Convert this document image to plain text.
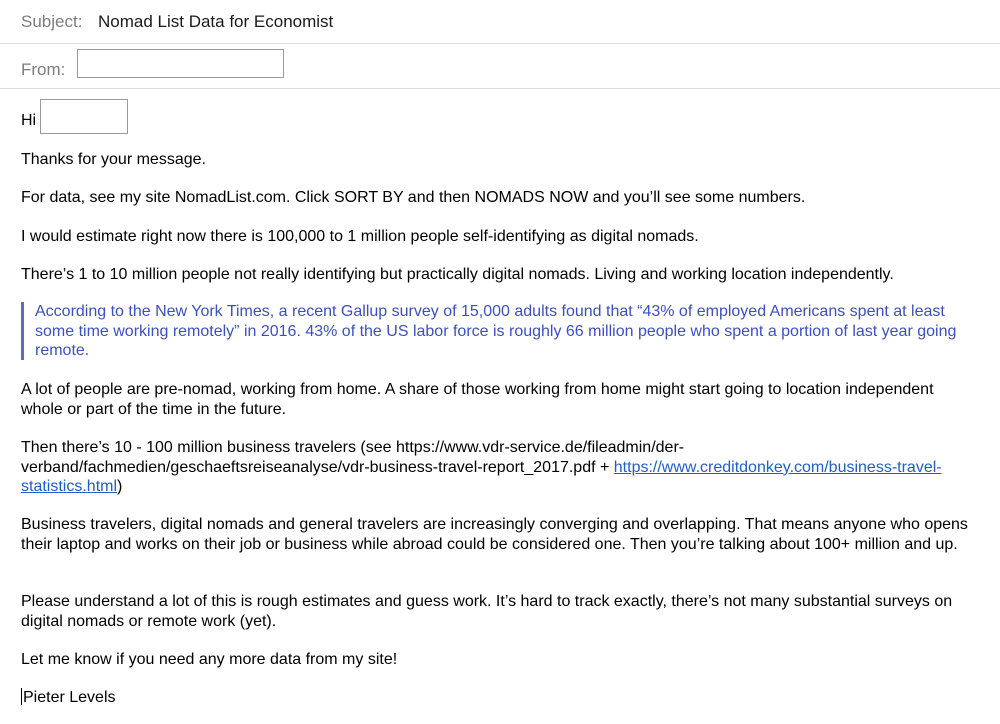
Subject: Nomad List Data for Economist
From:

Hi

Thanks for your message.

For data, see my site NomadList.com. Click SORT BY and then NOMADS NOW and you’ll see some numbers.

I would estimate right now there is 100,000 to 1 million people self-identifying as digital nomads.

There’s 1 to 10 million people not really identifying but practically digital nomads. Living and working location independently.

According to the New York Times, a recent Gallup survey of 15,000 adults found that “43% of employed Americans spent at least some time working remotely” in 2016. 43% of the US labor force is roughly 66 million people who spent a portion of last year going remote.

A lot of people are pre-nomad, working from home. A share of those working from home might start going to location independent whole or part of the time in the future.

Then there’s 10 - 100 million business travelers (see https://www.vdr-service.de/fileadmin/der-verband/fachmedien/geschaeftsreiseanalyse/vdr-business-travel-report_2017.pdf + https://www.creditdonkey.com/business-travel-statistics.html)

Business travelers, digital nomads and general travelers are increasingly converging and overlapping. That means anyone who opens their laptop and works on their job or business while abroad could be considered one. Then you’re talking about 100+ million and up.

Please understand a lot of this is rough estimates and guess work. It’s hard to track exactly, there’s not many substantial surveys on digital nomads or remote work (yet).

Let me know if you need any more data from my site!

Pieter Levels
